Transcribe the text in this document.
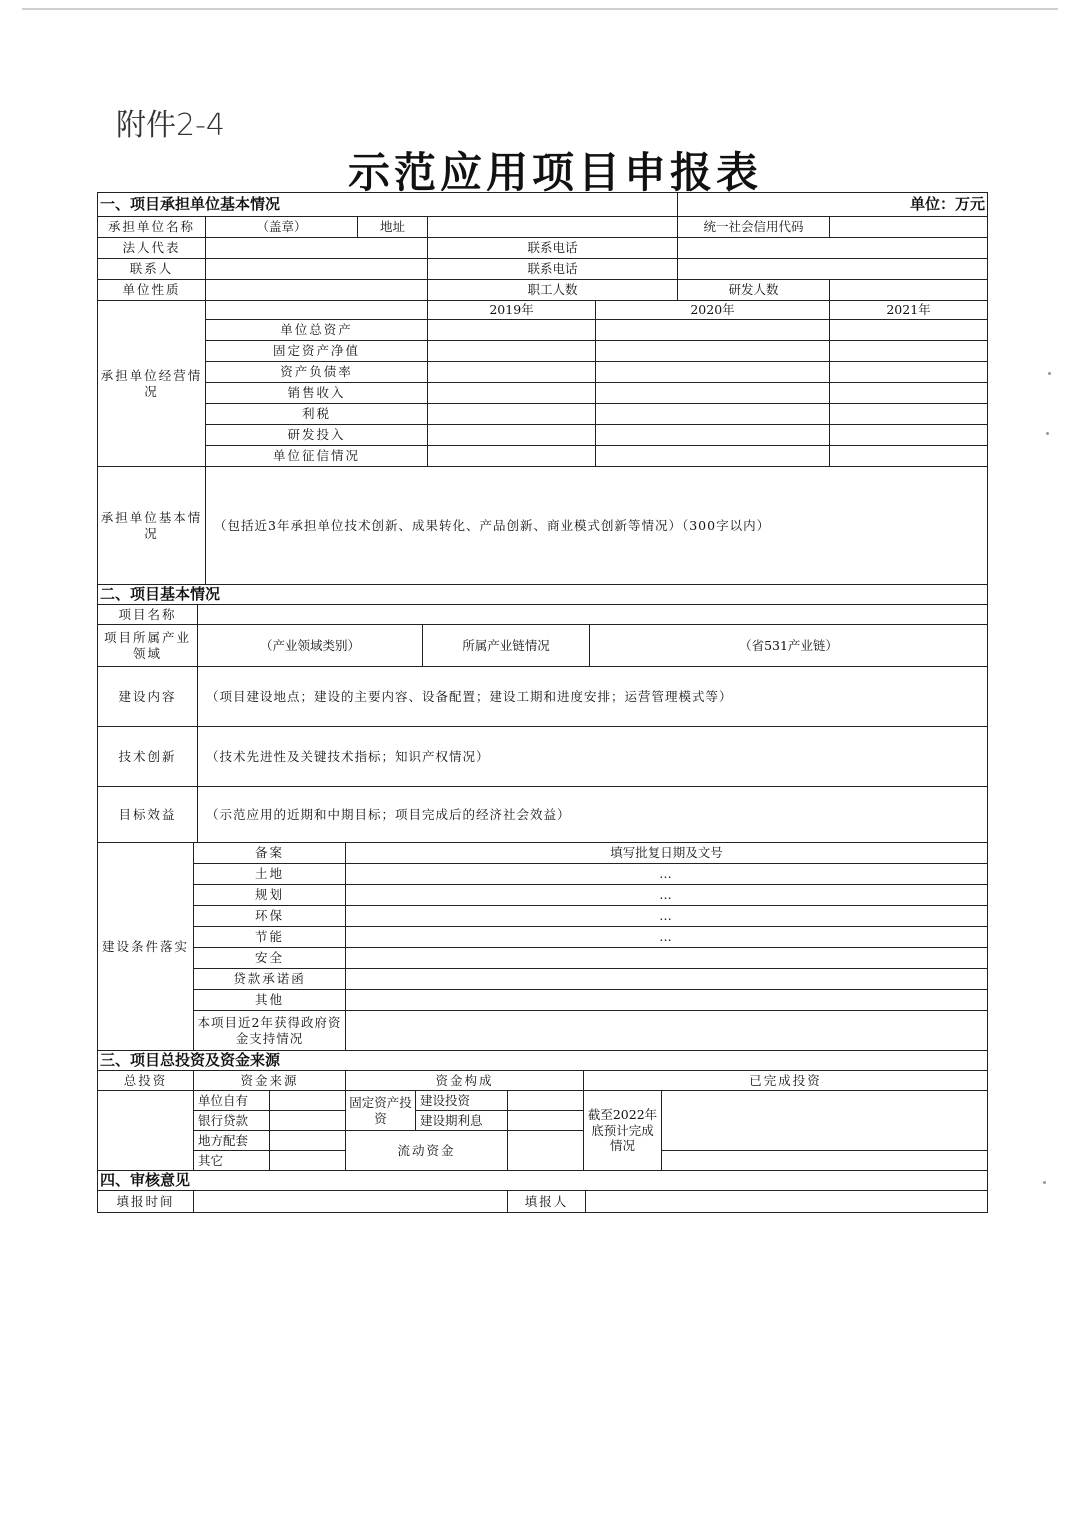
附件2-4
示范应用项目申报表
一、项目承担单位基本情况					单位：万元	
承担单位名称	（盖章）	地址			统一社会信用代码	
法人代表			联系电话			
联系人			联系电话			
单位性质			职工人数		研发人数	
承担单位经营情况			2019年	2020年		2021年
	单位总资产					
	固定资产净值					
	资产负债率					
	销售收入					
	利税					
	研发投入					
	单位征信情况					
承担单位基本情况	（包括近3年承担单位技术创新、成果转化、产品创新、商业模式创新等情况）（300字以内）					
二、项目基本情况			
项目名称			
项目所属产业领域	（产业领域类别）	所属产业链情况	（省531产业链）
建设内容	（项目建设地点；建设的主要内容、设备配置；建设工期和进度安排；运营管理模式等）		
技术创新	（技术先进性及关键技术指标；知识产权情况）		
目标效益	（示范应用的近期和中期目标；项目完成后的经济社会效益）		
建设条件落实	备案	填写批复日期及文号
	土地	…
	规划	…
	环保	…
	节能	…
	安全	
	贷款承诺函	
	其他	
	本项目近2年获得政府资金支持情况	
三、项目总投资及资金来源							
总投资	资金来源		资金构成			已完成投资	
	单位自有		固定资产投资	建设投资		截至2022年底预计完成情况	
	银行贷款			建设期利息			
	地方配套		流动资金				
	其它						
四、审核意见
填报时间		填报人	
